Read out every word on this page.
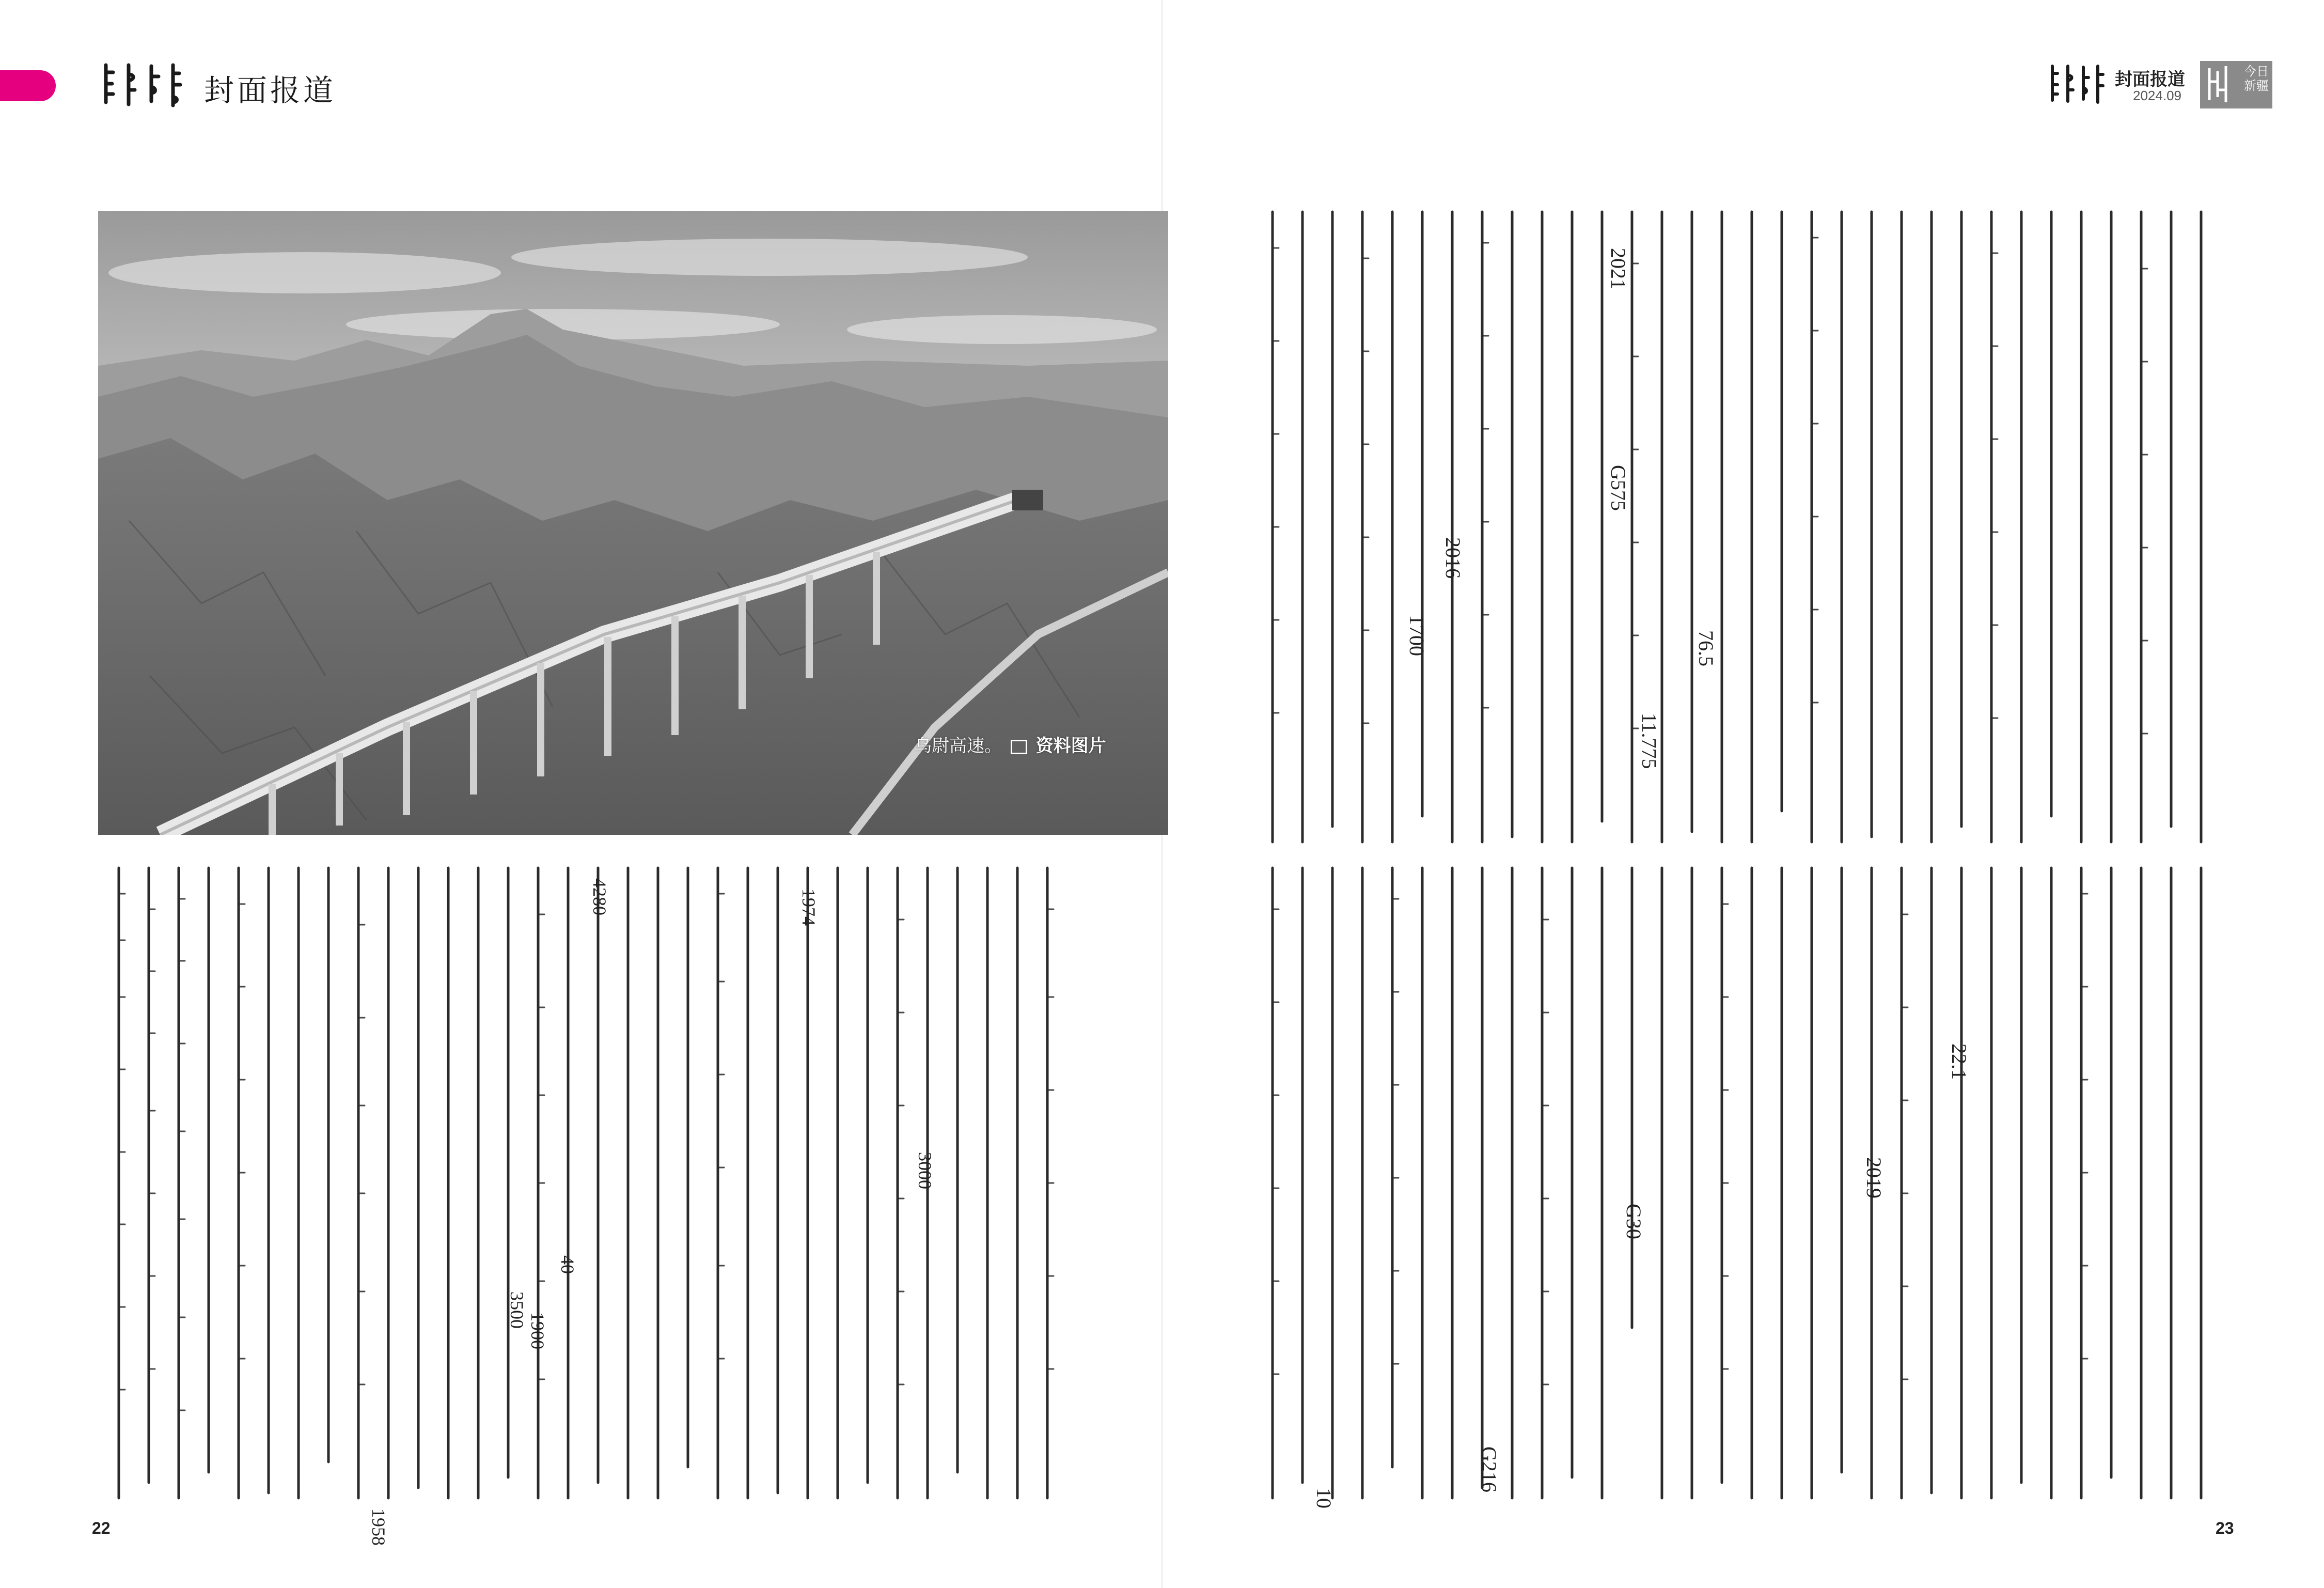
封面报道	封面报道
2024.09
今日新疆
乌尉高速。 资料图片
1958
1974
1900
3000
3500
4280
40
22
2021
2016
G575
11.775
76.5
1700
2019
22.1
G30
G216
10
23
